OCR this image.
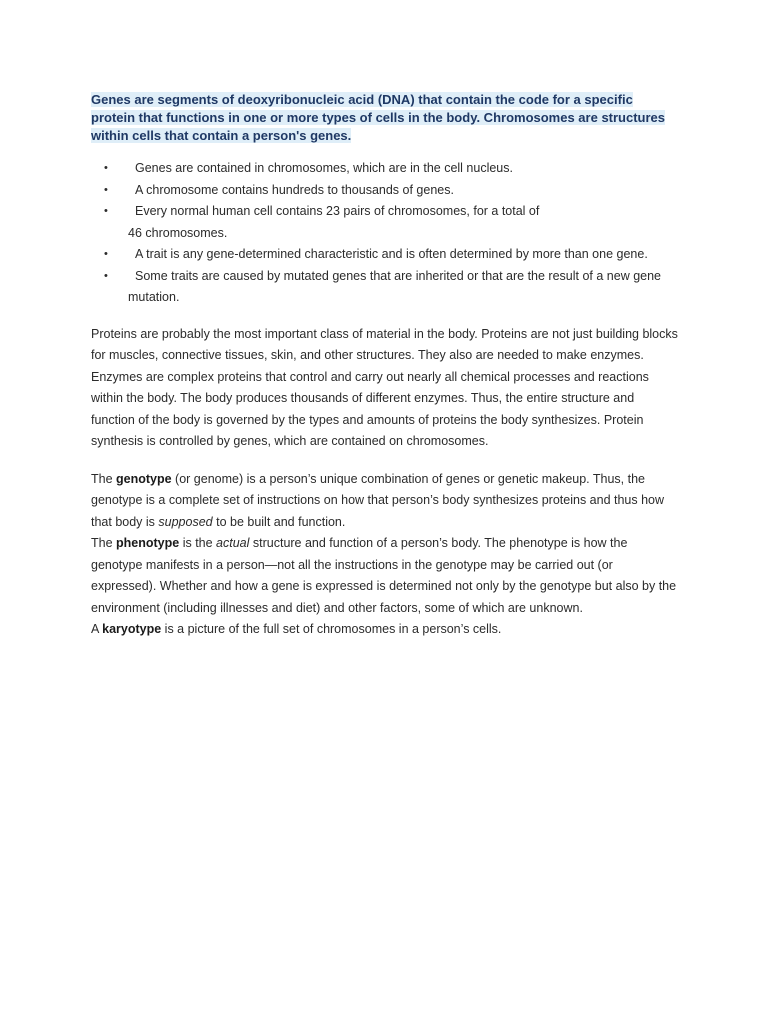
Genes are segments of deoxyribonucleic acid (DNA) that contain the code for a specific protein that functions in one or more types of cells in the body. Chromosomes are structures within cells that contain a person's genes.

• Genes are contained in chromosomes, which are in the cell nucleus.
• A chromosome contains hundreds to thousands of genes.
• Every normal human cell contains 23 pairs of chromosomes, for a total of
46 chromosomes.
• A trait is any gene-determined characteristic and is often determined by more than one gene.
• Some traits are caused by mutated genes that are inherited or that are the result of a new gene mutation.

Proteins are probably the most important class of material in the body. Proteins are not just building blocks for muscles, connective tissues, skin, and other structures. They also are needed to make enzymes. Enzymes are complex proteins that control and carry out nearly all chemical processes and reactions within the body. The body produces thousands of different enzymes. Thus, the entire structure and function of the body is governed by the types and amounts of proteins the body synthesizes. Protein synthesis is controlled by genes, which are contained on chromosomes.

The genotype (or genome) is a person’s unique combination of genes or genetic makeup. Thus, the genotype is a complete set of instructions on how that person’s body synthesizes proteins and thus how that body is supposed to be built and function.

The phenotype is the actual structure and function of a person’s body. The phenotype is how the genotype manifests in a person—not all the instructions in the genotype may be carried out (or expressed). Whether and how a gene is expressed is determined not only by the genotype but also by the environment (including illnesses and diet) and other factors, some of which are unknown.

A karyotype is a picture of the full set of chromosomes in a person’s cells.
